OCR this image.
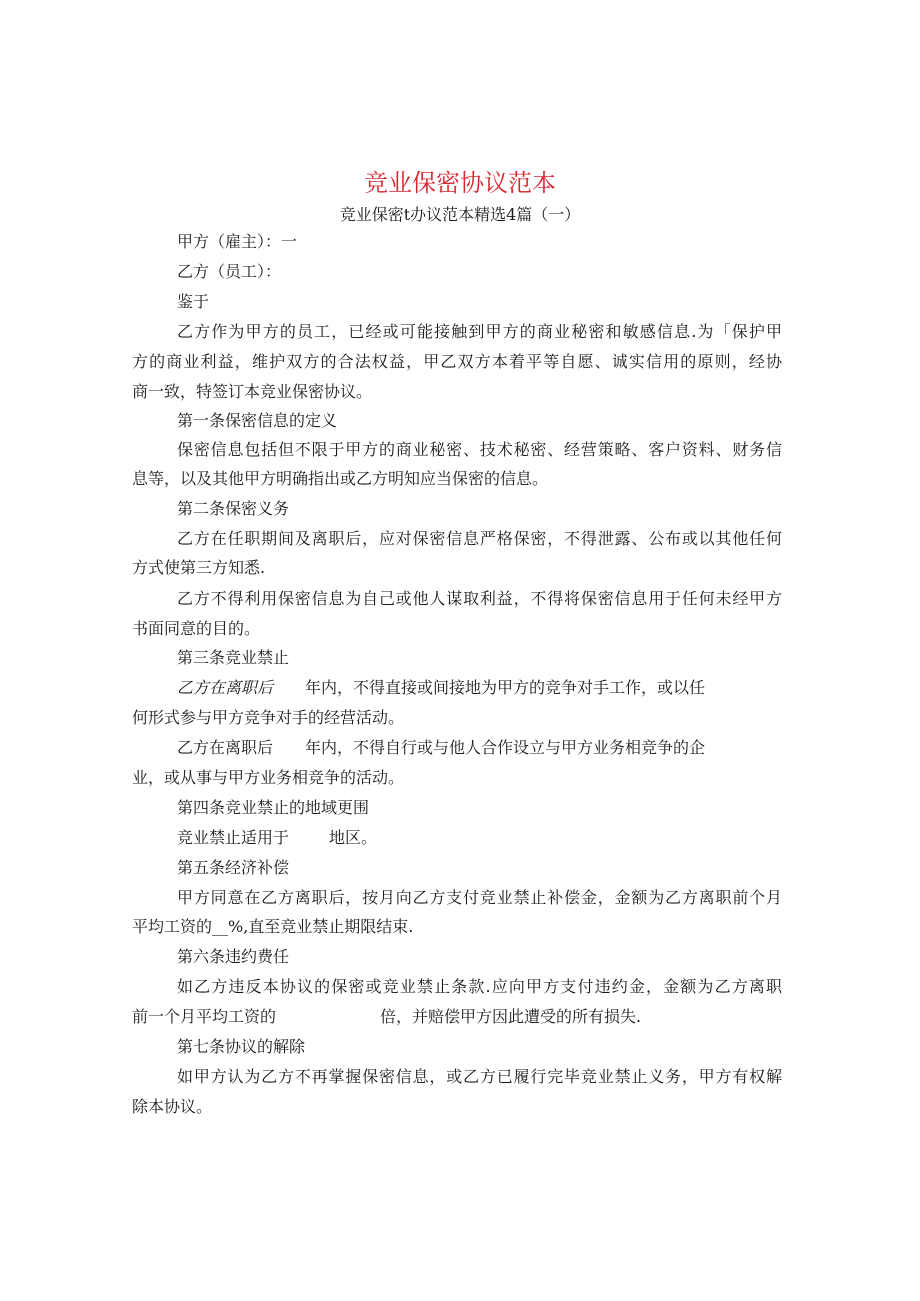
竞业保密协议范本
竞业保密t办议范本精选4篇（一）
甲方（雇主）：一
乙方（员工）：
鉴于
乙方作为甲方的员工，已经或可能接触到甲方的商业秘密和敏感信息.为「保护甲
方的商业利益，维护双方的合法权益，甲乙双方本着平等自愿、诚实信用的原则，经协
商一致，特签订本竞业保密协议。
第一条保密信息的定义
保密信息包括但不限于甲方的商业秘密、技术秘密、经营策略、客户资料、财务信
息等，以及其他甲方明确指出或乙方明知应当保密的信息。
第二条保密义务
乙方在任职期间及离职后，应对保密信息严格保密，不得泄露、公布或以其他任何
方式使第三方知悉.
乙方不得利用保密信息为自己或他人谋取利益，不得将保密信息用于任何未经甲方
书面同意的目的。
第三条竞业禁止
乙方在离职后 年内，不得直接或间接地为甲方的竞争对手工作，或以任
何形式参与甲方竞争对手的经营活动。
乙方在离职后 年内，不得自行或与他人合作设立与甲方业务相竞争的企
业，或从事与甲方业务相竞争的活动。
第四条竞业禁止的地域更围
竞业禁止适用于	地区。
第五条经济补偿
甲方同意在乙方离职后，按月向乙方支付竞业禁止补偿金，金额为乙方离职前个月
平均工资的__%,直至竞业禁止期限结束.
第六条违约费任
如乙方违反本协议的保密或竞业禁止条款.应向甲方支付违约金，金额为乙方离职
前一个月平均工资的	倍，并赔偿甲方因此遭受的所有损失.
第七条协议的解除
如甲方认为乙方不再掌握保密信息，或乙方已履行完毕竞业禁止义务，甲方有权解
除本协议。
